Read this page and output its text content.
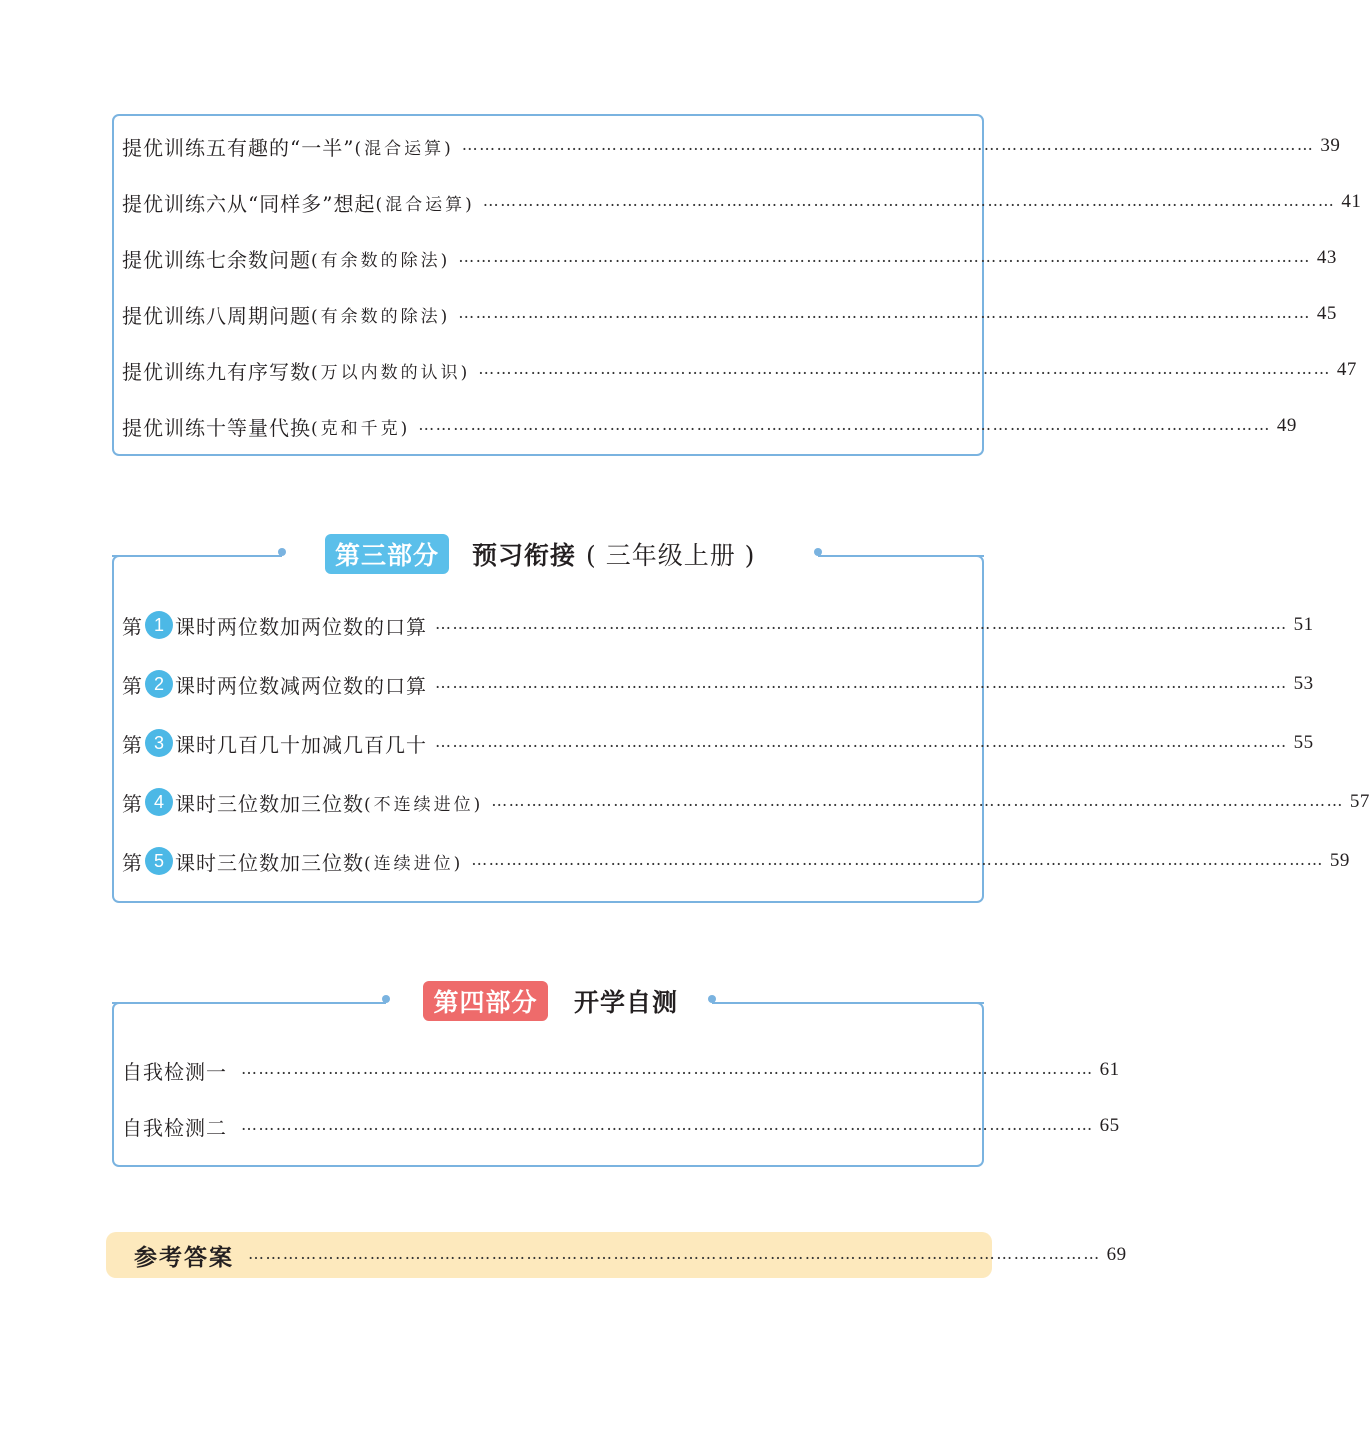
提优训练五 有趣的“一半” (混合运算) ………………………………………………………………………………………………………………………………… 39
提优训练六 从“同样多”想起 (混合运算) ………………………………………………………………………………………………………………………………… 41
提优训练七 余数问题 (有余数的除法) ………………………………………………………………………………………………………………………………… 43
提优训练八 周期问题 (有余数的除法) ………………………………………………………………………………………………………………………………… 45
提优训练九 有序写数 (万以内数的认识) ………………………………………………………………………………………………………………………………… 47
提优训练十 等量代换 (克和千克) ………………………………………………………………………………………………………………………………… 49
第 1 课时 两位数加两位数的口算 ………………………………………………………………………………………………………………………………… 51
第 2 课时 两位数减两位数的口算 ………………………………………………………………………………………………………………………………… 53
第 3 课时 几百几十加减几百几十 ………………………………………………………………………………………………………………………………… 55
第 4 课时 三位数加三位数 (不连续进位) ………………………………………………………………………………………………………………………………… 57
第 5 课时 三位数加三位数 (连续进位) ………………………………………………………………………………………………………………………………… 59
第三部分	预习衔接 ( 三年级上册 )
自我检测一 ………………………………………………………………………………………………………………………………… 61
自我检测二 ………………………………………………………………………………………………………………………………… 65
第四部分	开学自测
参考答案 ………………………………………………………………………………………………………………………………… 69
